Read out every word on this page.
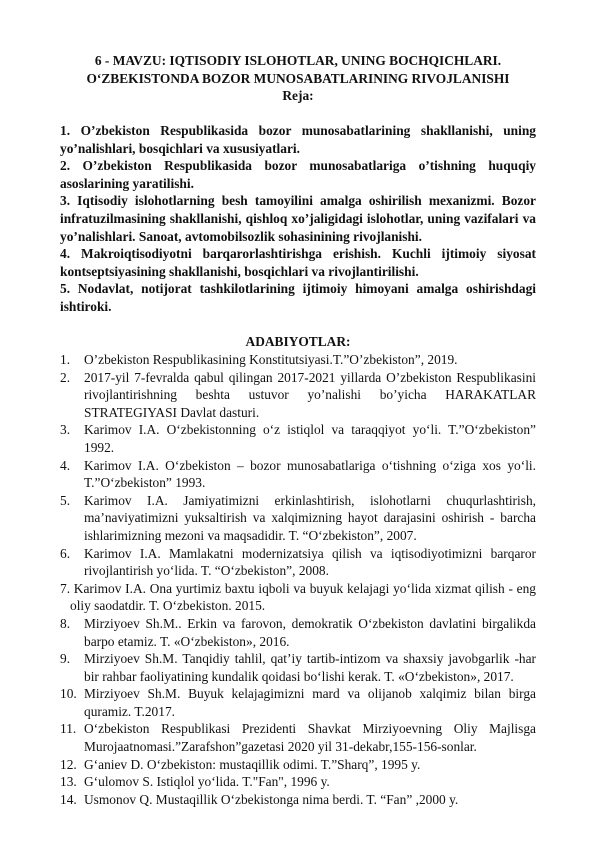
6 - MAVZU: IQTISODIY ISLOHOTLAR, UNING BOCHQICHLARI.
O‘ZBEKISTONDA BOZOR MUNOSABATLARINING RIVOJLANISHI
Reja:

1. O’zbekiston Respublikasida bozor munosabatlarining shakllanishi, uning yo’nalishlari, bosqichlari va xususiyatlari.

2. O’zbekiston Respublikasida bozor munosabatlariga o’tishning huquqiy asoslarining yaratilishi.

3. Iqtisodiy islohotlarning besh tamoyilini amalga oshirilish mexanizmi. Bozor infratuzilmasining shakllanishi, qishloq xo’jaligidagi islohotlar, uning vazifalari va yo’nalishlari. Sanoat, avtomobilsozlik sohasinining rivojlanishi.

4. Makroiqtisodiyotni barqarorlashtirishga erishish. Kuchli ijtimoiy siyosat kontseptsiyasining shakllanishi, bosqichlari va rivojlantirilishi.

5. Nodavlat, notijorat tashkilotlarining ijtimoiy himoyani amalga oshirishdagi ishtiroki.

ADABIYOTLAR:
1. O’zbekiston Respublikasining Konstitutsiyasi.T.”O’zbekiston”, 2019.
2. 2017-yil 7-fevralda qabul qilingan 2017-2021 yillarda O’zbekiston Respublikasini rivojlantirishning beshta ustuvor yo’nalishi bo’yicha HARAKATLAR STRATEGIYASI Davlat dasturi.
3. Karimov I.A. O‘zbekistonning o‘z istiqlol va taraqqiyot yo‘li. T.”O‘zbekiston” 1992.
4. Karimov I.A. O‘zbekiston – bozor munosabatlariga o‘tishning o‘ziga xos yo‘li. T.”O‘zbekiston” 1993.
5. Karimov I.A. Jamiyatimizni erkinlashtirish, islohotlarni chuqurlashtirish, ma’naviyatimizni yuksaltirish va xalqimizning hayot darajasini oshirish - barcha ishlarimizning mezoni va maqsadidir. T. “O‘zbekiston”, 2007.
6. Karimov I.A. Mamlakatni modernizatsiya qilish va iqtisodiyotimizni barqaror rivojlantirish yo‘lida. T. “O‘zbekiston”, 2008.
7. Karimov I.A. Ona yurtimiz baxtu iqboli va buyuk kelajagi yo‘lida xizmat qilish - eng oliy saodatdir. T. O‘zbekiston. 2015.
8. Mirziyoev Sh.M.. Erkin va farovon, demokratik O‘zbekiston davlatini birgalikda barpo etamiz. T. «O‘zbekiston», 2016.
9. Mirziyoev Sh.M. Tanqidiy tahlil, qat’iy tartib-intizom va shaxsiy javobgarlik -har bir rahbar faoliyatining kundalik qoidasi bo‘lishi kerak. T. «O‘zbekiston», 2017.
10. Mirziyoev Sh.M. Buyuk kelajagimizni mard va olijanob xalqimiz bilan birga quramiz. T.2017.
11. O‘zbekiston Respublikasi Prezidenti Shavkat Mirziyoevning Oliy Majlisga Murojaatnomasi.”Zarafshon”gazetasi 2020 yil 31-dekabr,155-156-sonlar.
12. G‘aniev D. O‘zbekiston: mustaqillik odimi. T.”Sharq”, 1995 y.
13. G‘ulomov S. Istiqlol yo‘lida. T."Fan", 1996 y.
14. Usmonov Q. Mustaqillik O‘zbekistonga nima berdi. T. “Fan” ,2000 y.
